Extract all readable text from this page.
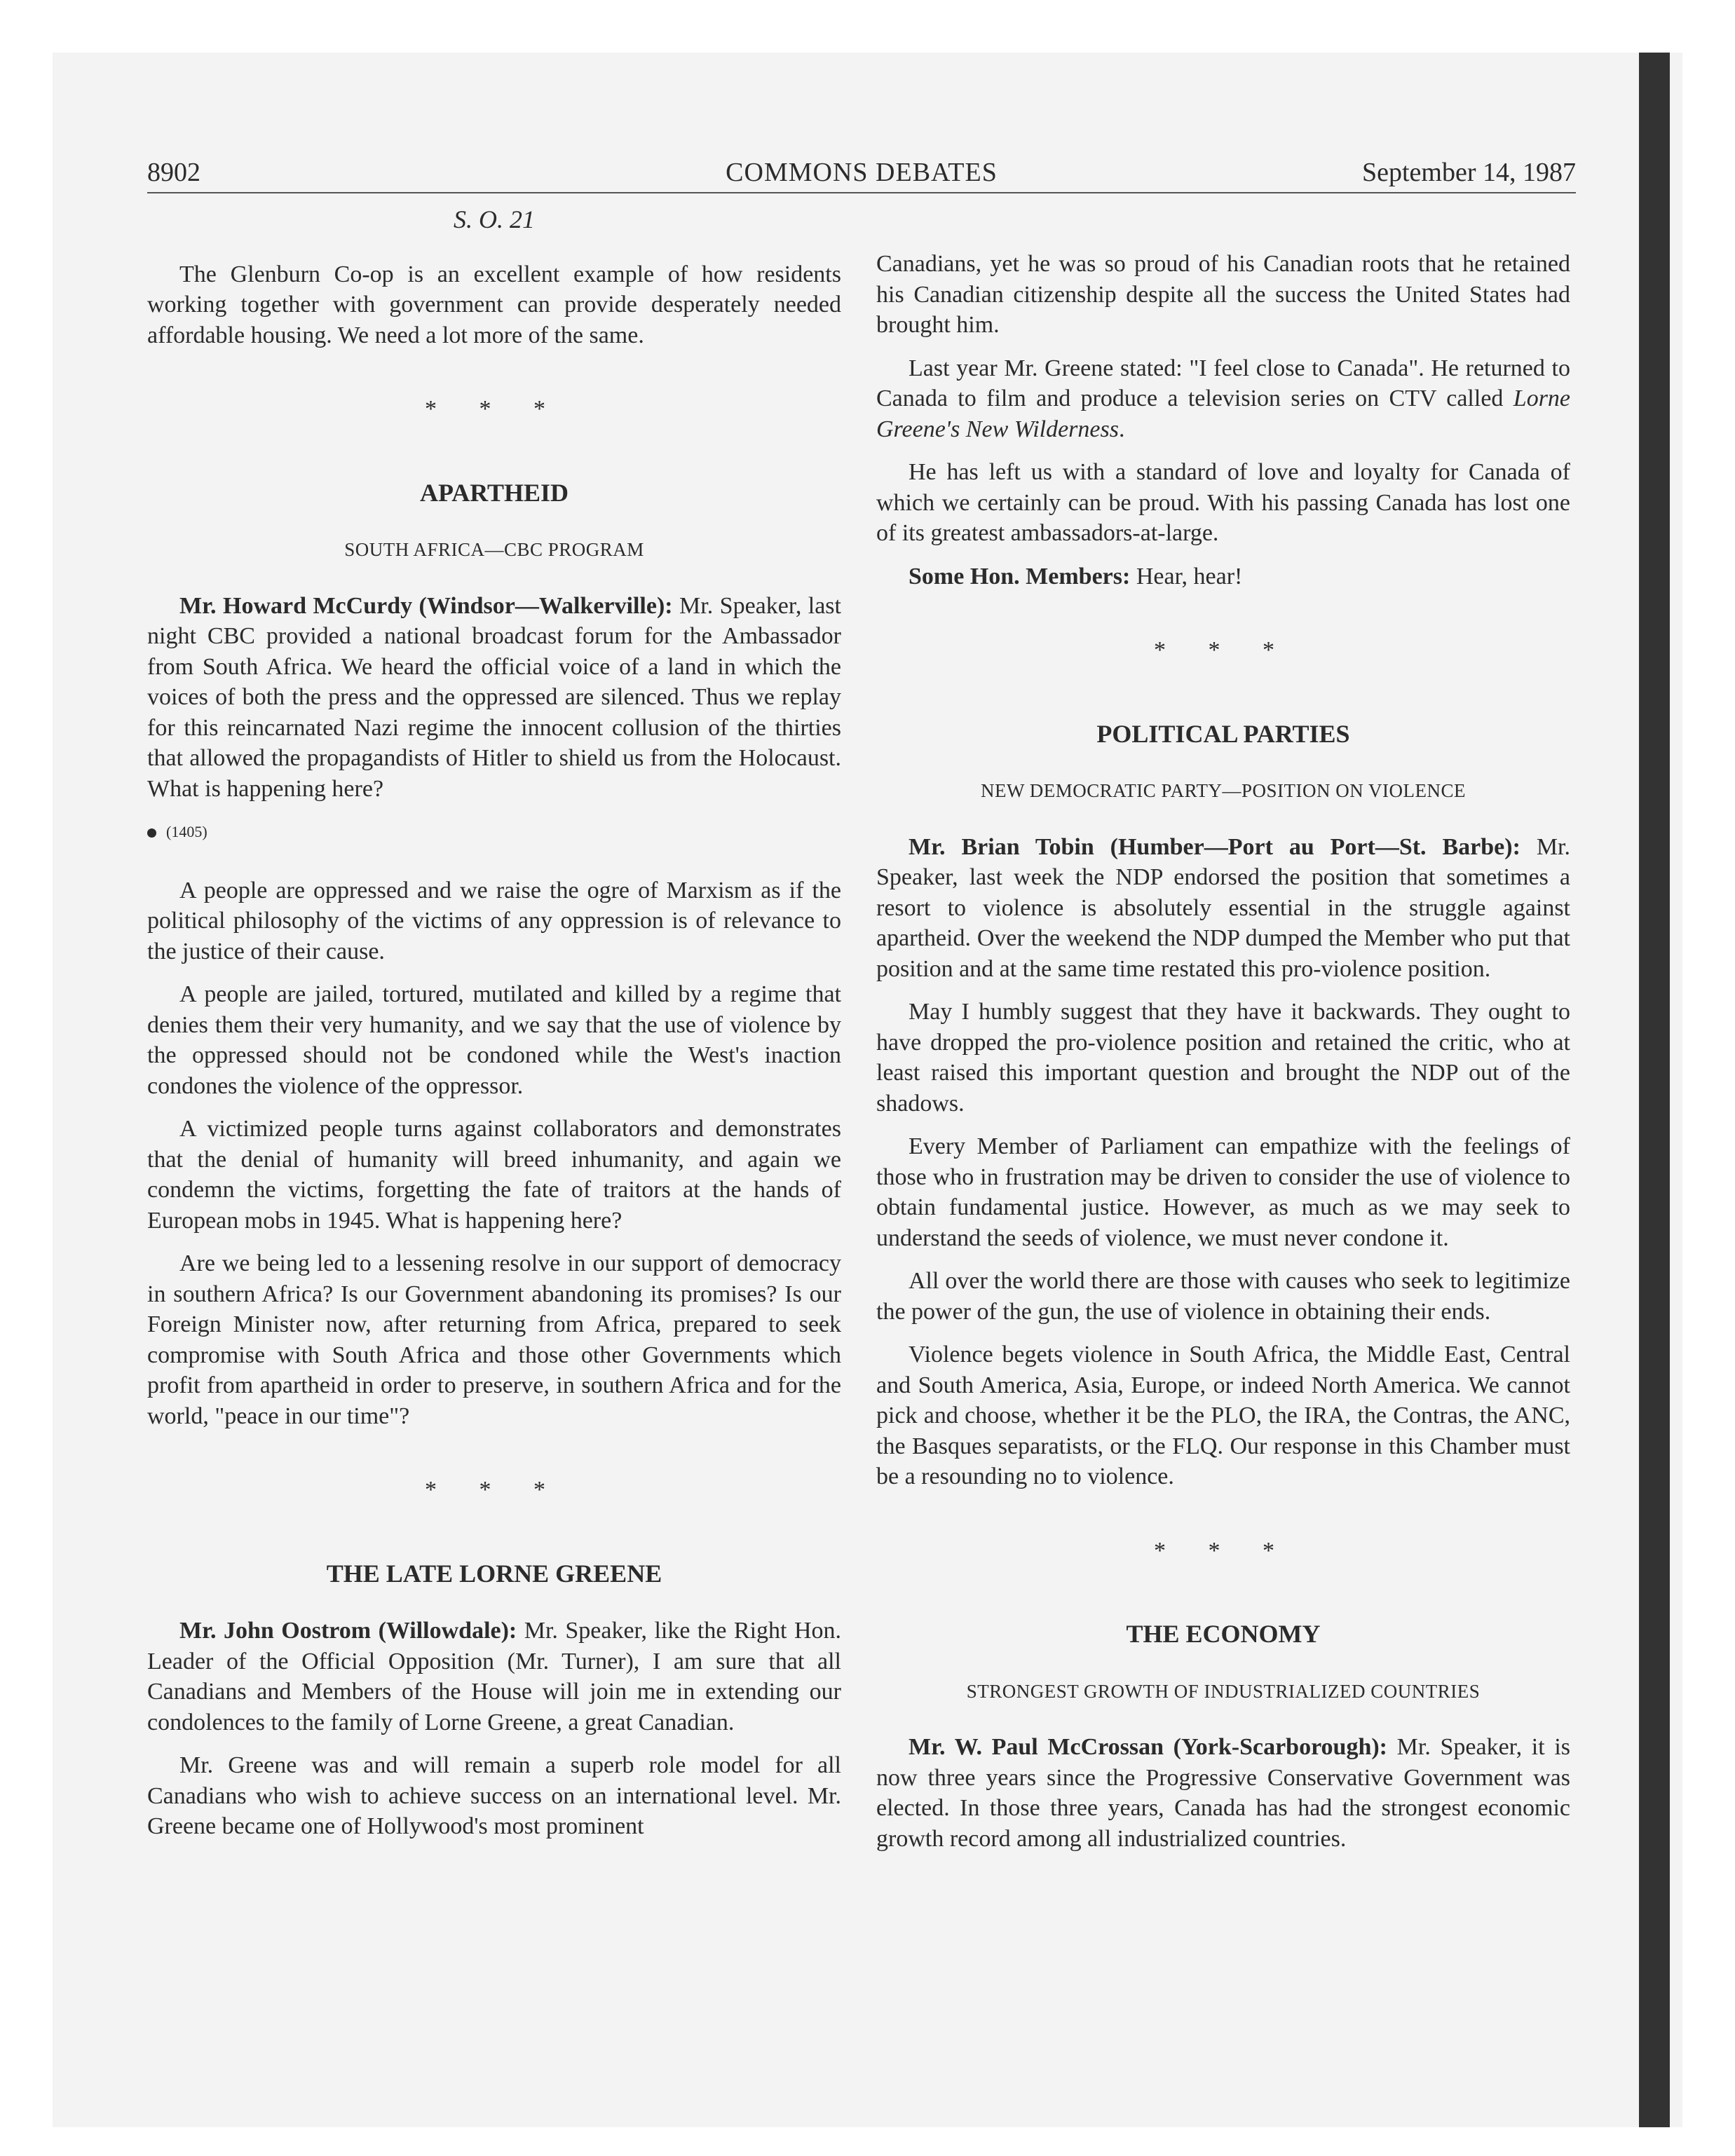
8902	COMMONS DEBATES	September 14, 1987
S. O. 21

The Glenburn Co-op is an excellent example of how residents working together with government can provide desperately needed affordable housing. We need a lot more of the same.

* * *
APARTHEID
SOUTH AFRICA—CBC PROGRAM

Mr. Howard McCurdy (Windsor—Walkerville): Mr. Speaker, last night CBC provided a national broadcast forum for the Ambassador from South Africa. We heard the official voice of a land in which the voices of both the press and the oppressed are silenced. Thus we replay for this reincarnated Nazi regime the innocent collusion of the thirties that allowed the propagandists of Hitler to shield us from the Holocaust. What is happening here?

(1405)

A people are oppressed and we raise the ogre of Marxism as if the political philosophy of the victims of any oppression is of relevance to the justice of their cause.

A people are jailed, tortured, mutilated and killed by a regime that denies them their very humanity, and we say that the use of violence by the oppressed should not be condoned while the West's inaction condones the violence of the oppressor.

A victimized people turns against collaborators and demonstrates that the denial of humanity will breed inhumanity, and again we condemn the victims, forgetting the fate of traitors at the hands of European mobs in 1945. What is happening here?

Are we being led to a lessening resolve in our support of democracy in southern Africa? Is our Government abandoning its promises? Is our Foreign Minister now, after returning from Africa, prepared to seek compromise with South Africa and those other Governments which profit from apartheid in order to preserve, in southern Africa and for the world, "peace in our time"?

* * *
THE LATE LORNE GREENE

Mr. John Oostrom (Willowdale): Mr. Speaker, like the Right Hon. Leader of the Official Opposition (Mr. Turner), I am sure that all Canadians and Members of the House will join me in extending our condolences to the family of Lorne Greene, a great Canadian.

Mr. Greene was and will remain a superb role model for all Canadians who wish to achieve success on an international level. Mr. Greene became one of Hollywood's most prominent

Canadians, yet he was so proud of his Canadian roots that he retained his Canadian citizenship despite all the success the United States had brought him.

Last year Mr. Greene stated: "I feel close to Canada". He returned to Canada to film and produce a television series on CTV called Lorne Greene's New Wilderness.

He has left us with a standard of love and loyalty for Canada of which we certainly can be proud. With his passing Canada has lost one of its greatest ambassadors-at-large.

Some Hon. Members: Hear, hear!

* * *
POLITICAL PARTIES
NEW DEMOCRATIC PARTY—POSITION ON VIOLENCE

Mr. Brian Tobin (Humber—Port au Port—St. Barbe): Mr. Speaker, last week the NDP endorsed the position that sometimes a resort to violence is absolutely essential in the struggle against apartheid. Over the weekend the NDP dumped the Member who put that position and at the same time restated this pro-violence position.

May I humbly suggest that they have it backwards. They ought to have dropped the pro-violence position and retained the critic, who at least raised this important question and brought the NDP out of the shadows.

Every Member of Parliament can empathize with the feelings of those who in frustration may be driven to consider the use of violence to obtain fundamental justice. However, as much as we may seek to understand the seeds of violence, we must never condone it.

All over the world there are those with causes who seek to legitimize the power of the gun, the use of violence in obtaining their ends.

Violence begets violence in South Africa, the Middle East, Central and South America, Asia, Europe, or indeed North America. We cannot pick and choose, whether it be the PLO, the IRA, the Contras, the ANC, the Basques separatists, or the FLQ. Our response in this Chamber must be a resounding no to violence.

* * *
THE ECONOMY
STRONGEST GROWTH OF INDUSTRIALIZED COUNTRIES

Mr. W. Paul McCrossan (York-Scarborough): Mr. Speaker, it is now three years since the Progressive Conservative Government was elected. In those three years, Canada has had the strongest economic growth record among all industrialized countries.
